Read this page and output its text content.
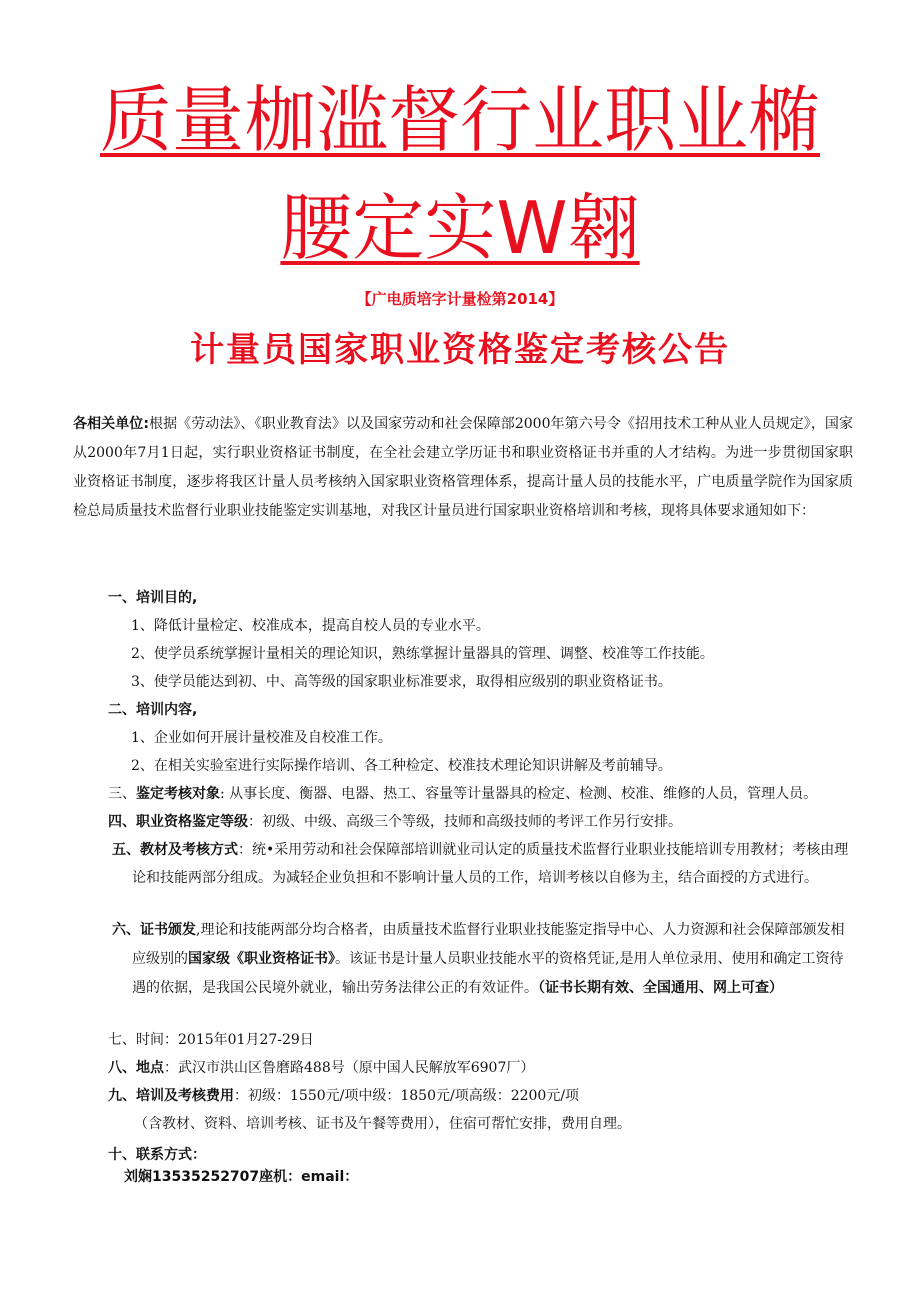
质量枷滥督行业职业椭
腰定实W翱
【广电质培字计量检第2014】
计量员国家职业资格鉴定考核公告
各相关单位:根据《劳动法》、《职业教育法》以及国家劳动和社会保障部2000年第六号令《招用技术工种从业人员规定》，国家从2000年7月1日起，实行职业资格证书制度，在全社会建立学历证书和职业资格证书并重的人才结构。为进一步贯彻国家职业资格证书制度，逐步将我区计量人员考核纳入国家职业资格管理体系，提高计量人员的技能水平，广电质量学院作为国家质检总局质量技术监督行业职业技能鉴定实训基地，对我区计量员进行国家职业资格培训和考核，现将具体要求通知如下：
一、培训目的,
1、降低计量检定、校准成本，提高自校人员的专业水平。
2、使学员系统掌握计量相关的理论知识，熟练掌握计量器具的管理、调整、校准等工作技能。
3、使学员能达到初、中、高等级的国家职业标准要求，取得相应级别的职业资格证书。
二、培训内容,
1、企业如何开展计量校准及自校准工作。
2、在相关实验室进行实际操作培训、各工种检定、校准技术理论知识讲解及考前辅导。
三、鉴定考核对象: 从事长度、衡器、电器、热工、容量等计量器具的检定、检测、校准、维修的人员，管理人员。
四、职业资格鉴定等级：初级、中级、高级三个等级，技师和高级技师的考评工作另行安排。
五、教材及考核方式：统•采用劳动和社会保障部培训就业司认定的质量技术监督行业职业技能培训专用教材；考核由理论和技能两部分组成。为减轻企业负担和不影响计量人员的工作，培训考核以自修为主，结合面授的方式进行。
六、证书颁发,理论和技能两部分均合格者，由质量技术监督行业职业技能鉴定指导中心、人力资源和社会保障部颁发相应级别的国家级《职业资格证书》。该证书是计量人员职业技能水平的资格凭证,是用人单位录用、使用和确定工资待遇的依据，是我国公民境外就业，输出劳务法律公正的有效证件。（证书长期有效、全国通用、网上可查）
七、时间：2015年01月27-29日
八、地点：武汉市洪山区鲁磨路488号（原中国人民解放军6907厂）
九、培训及考核费用：初级：1550元/项中级：1850元/项高级：2200元/项
（含教材、资料、培训考核、证书及午餐等费用），住宿可帮忙安排，费用自理。
十、联系方式：
刘娴13535252707座机：email：
